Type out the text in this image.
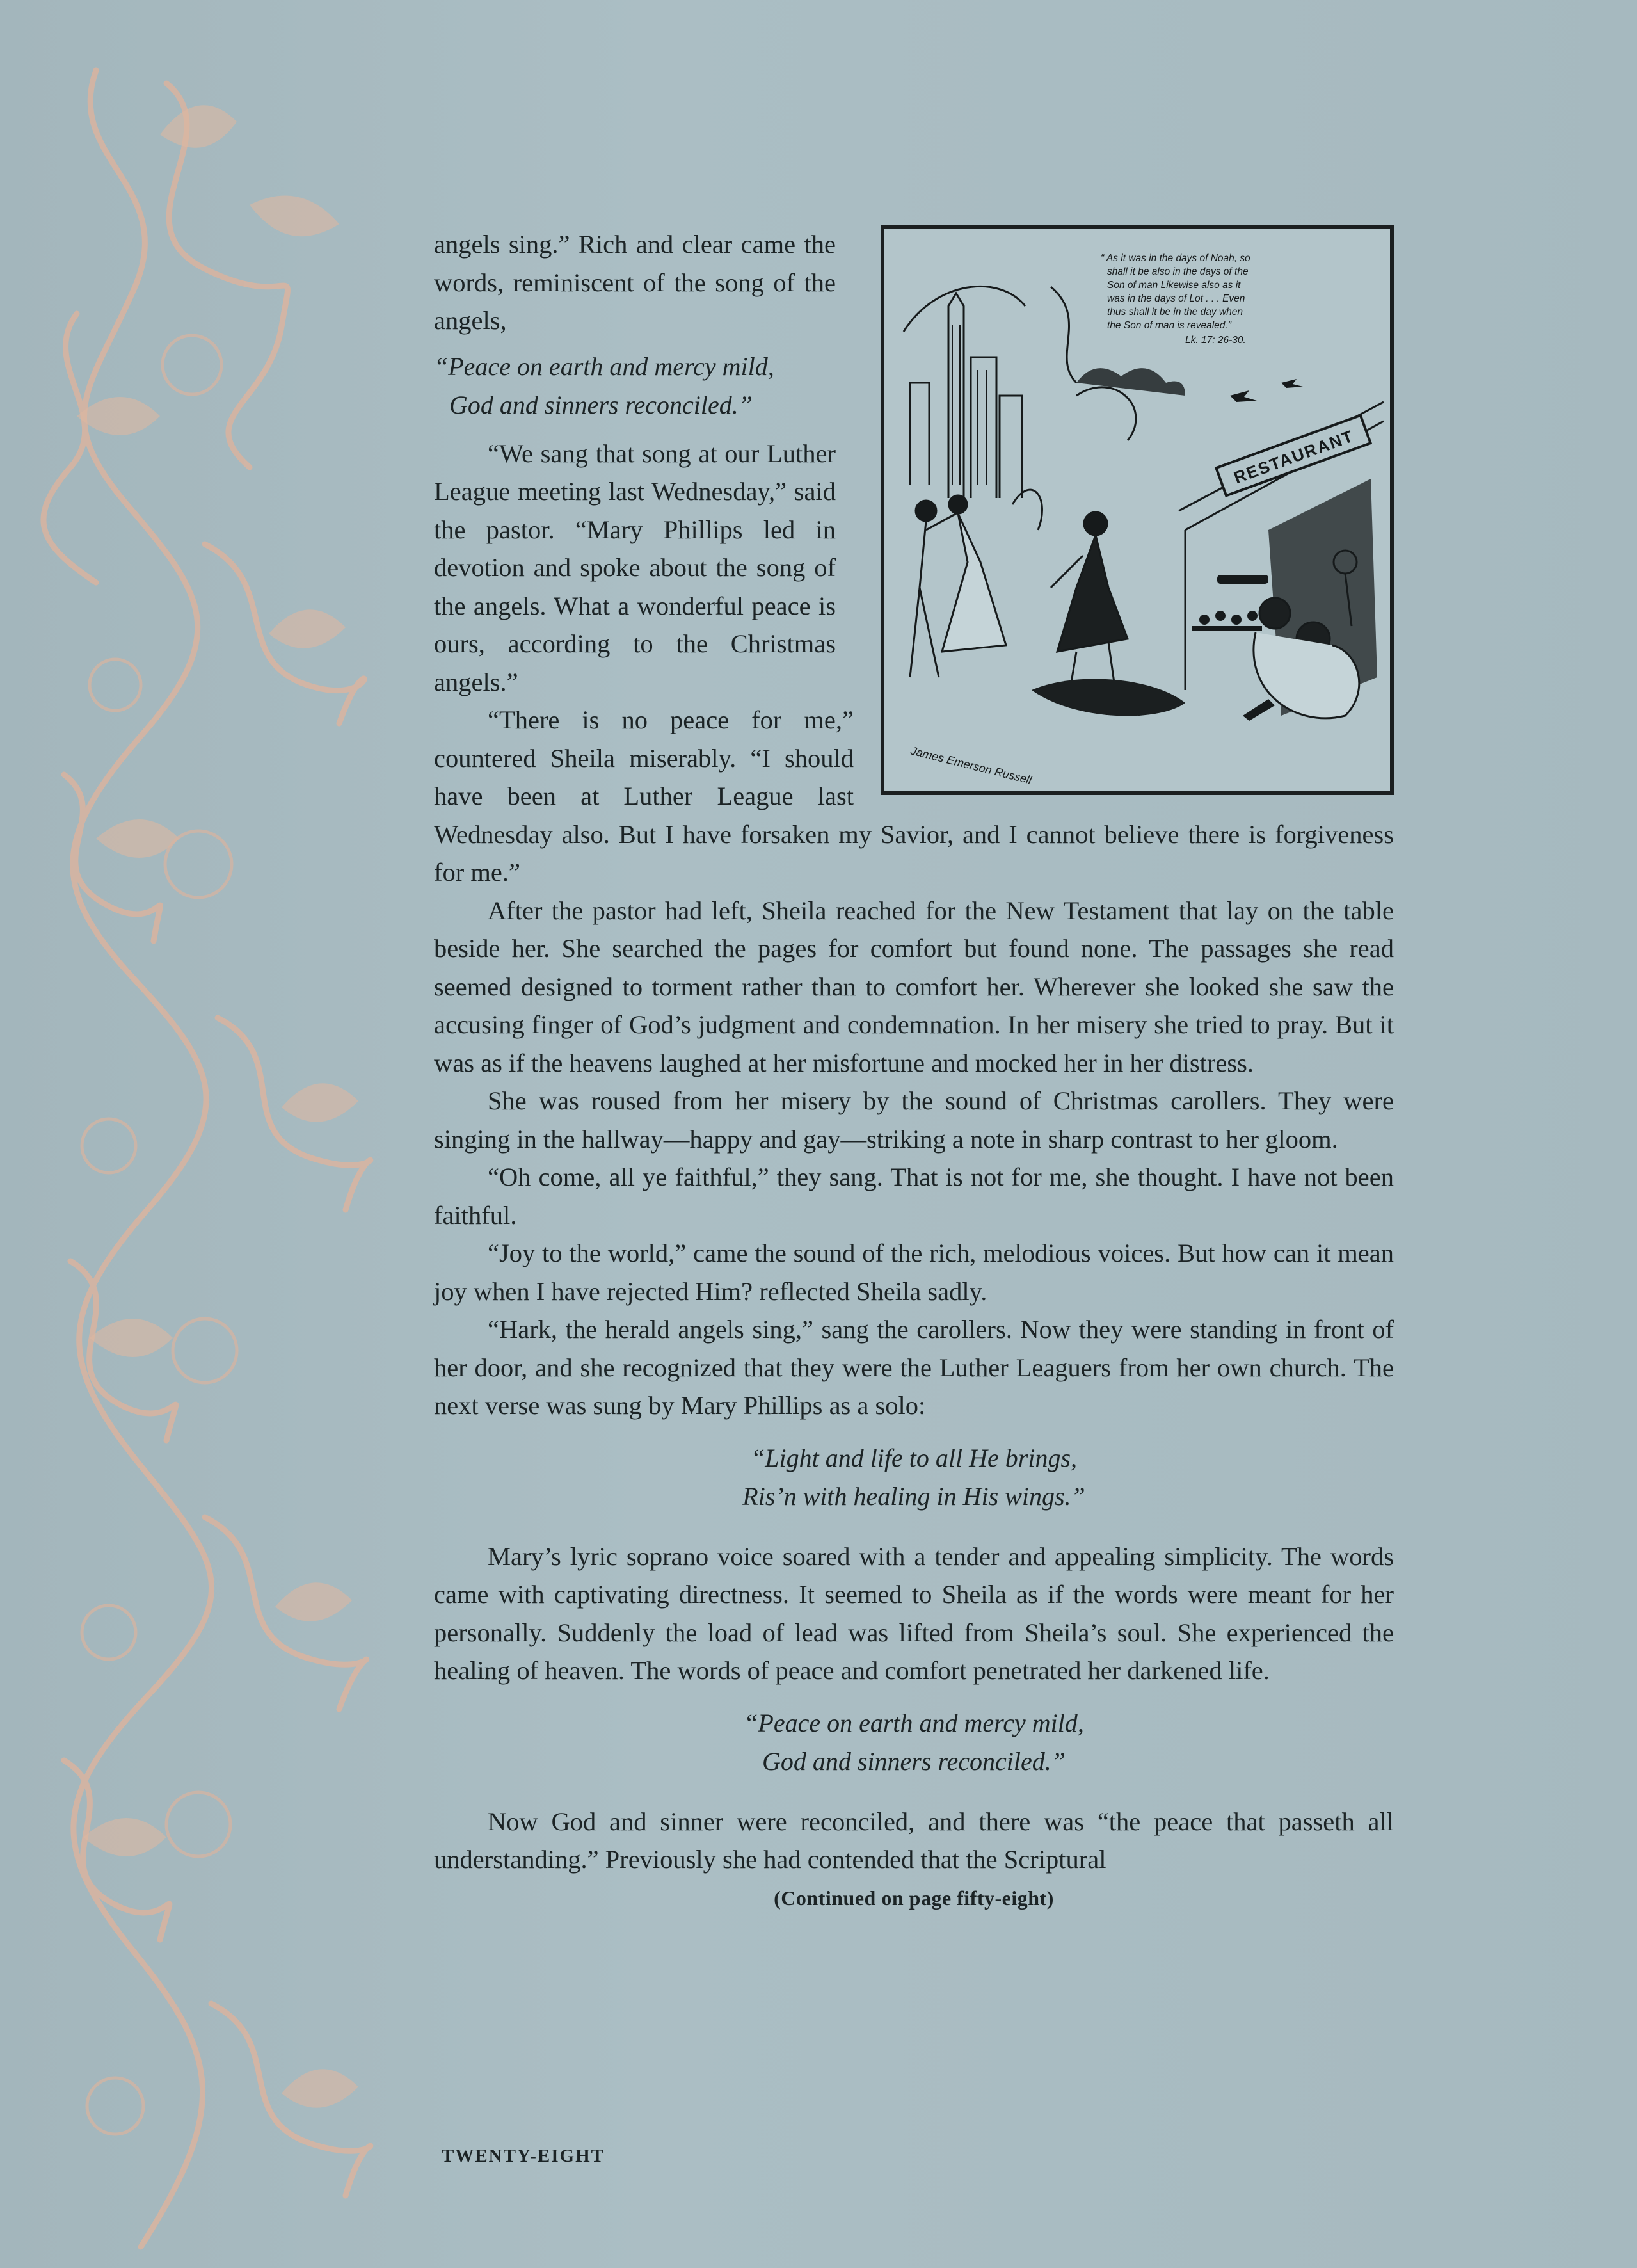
“ As it was in the days of Noah, so
shall it be also in the days of the
Son of man Likewise also as it
was in the days of Lot . . . Even
thus shall it be in the day when
the Son of man is revealed.”
Lk. 17: 26-30.
RESTAURANT
James Emerson Russell

angels sing.” Rich and clear came the words, reminiscent of the song of the angels,

“Peace on earth and mercy mild,
God and sinners reconciled.”

“We sang that song at our Luther League meeting last Wednesday,” said the pastor. “Mary Phillips led in devotion and spoke about the song of the angels. What a wonderful peace is ours, according to the Christmas angels.”

“There is no peace for me,” countered Sheila miserably. “I should have been at Luther League last Wednesday also. But I have forsaken my Savior, and I cannot believe there is forgiveness for me.”

After the pastor had left, Sheila reached for the New Testament that lay on the table beside her. She searched the pages for comfort but found none. The passages she read seemed designed to torment rather than to comfort her. Wherever she looked she saw the accusing finger of God’s judgment and condemnation. In her misery she tried to pray. But it was as if the heavens laughed at her misfortune and mocked her in her distress.

She was roused from her misery by the sound of Christmas carollers. They were singing in the hallway—happy and gay—striking a note in sharp contrast to her gloom.

“Oh come, all ye faithful,” they sang. That is not for me, she thought. I have not been faithful.

“Joy to the world,” came the sound of the rich, melodious voices. But how can it mean joy when I have rejected Him? reflected Sheila sadly.

“Hark, the herald angels sing,” sang the carollers. Now they were standing in front of her door, and she recognized that they were the Luther Leaguers from her own church. The next verse was sung by Mary Phillips as a solo:

“Light and life to all He brings,
Ris’n with healing in His wings.”

Mary’s lyric soprano voice soared with a tender and appealing simplicity. The words came with captivating directness. It seemed to Sheila as if the words were meant for her personally. Suddenly the load of lead was lifted from Sheila’s soul. She experienced the healing of heaven. The words of peace and comfort penetrated her darkened life.

“Peace on earth and mercy mild,
God and sinners reconciled.”

Now God and sinner were reconciled, and there was “the peace that passeth all understanding.” Previously she had contended that the Scriptural

(Continued on page fifty-eight)

TWENTY-EIGHT
